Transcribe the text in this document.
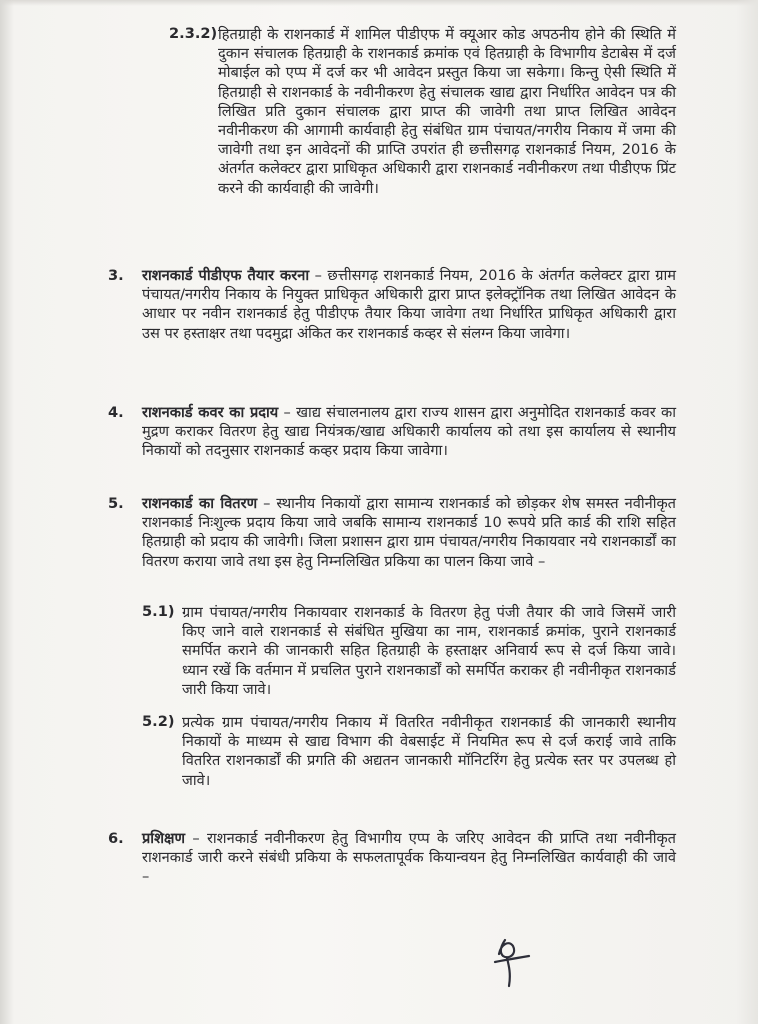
2.3.2) हितग्राही के राशनकार्ड में शामिल पीडीएफ में क्यूआर कोड अपठनीय होने की स्थिति में दुकान संचालक हितग्राही के राशनकार्ड क्रमांक एवं हितग्राही के विभागीय डेटाबेस में दर्ज मोबाईल को एप्प में दर्ज कर भी आवेदन प्रस्तुत किया जा सकेगा। किन्तु ऐसी स्थिति में हितग्राही से राशनकार्ड के नवीनीकरण हेतु संचालक खाद्य द्वारा निर्धारित आवेदन पत्र की लिखित प्रति दुकान संचालक द्वारा प्राप्त की जावेगी तथा प्राप्त लिखित आवेदन नवीनीकरण की आगामी कार्यवाही हेतु संबंधित ग्राम पंचायत/नगरीय निकाय में जमा की जावेगी तथा इन आवेदनों की प्राप्ति उपरांत ही छत्तीसगढ़ राशनकार्ड नियम, 2016 के अंतर्गत कलेक्टर द्वारा प्राधिकृत अधिकारी द्वारा राशनकार्ड नवीनीकरण तथा पीडीएफ प्रिंट करने की कार्यवाही की जावेगी।

3. राशनकार्ड पीडीएफ तैयार करना – छत्तीसगढ़ राशनकार्ड नियम, 2016 के अंतर्गत कलेक्टर द्वारा ग्राम पंचायत/नगरीय निकाय के नियुक्त प्राधिकृत अधिकारी द्वारा प्राप्त इलेक्ट्रॉनिक तथा लिखित आवेदन के आधार पर नवीन राशनकार्ड हेतु पीडीएफ तैयार किया जावेगा तथा निर्धारित प्राधिकृत अधिकारी द्वारा उस पर हस्ताक्षर तथा पदमुद्रा अंकित कर राशनकार्ड कव्हर से संलग्न किया जावेगा।

4. राशनकार्ड कवर का प्रदाय – खाद्य संचालनालय द्वारा राज्य शासन द्वारा अनुमोदित राशनकार्ड कवर का मुद्रण कराकर वितरण हेतु खाद्य नियंत्रक/खाद्य अधिकारी कार्यालय को तथा इस कार्यालय से स्थानीय निकायों को तदनुसार राशनकार्ड कव्हर प्रदाय किया जावेगा।

5. राशनकार्ड का वितरण – स्थानीय निकायों द्वारा सामान्य राशनकार्ड को छोड़कर शेष समस्त नवीनीकृत राशनकार्ड निःशुल्क प्रदाय किया जावे जबकि सामान्य राशनकार्ड 10 रूपये प्रति कार्ड की राशि सहित हितग्राही को प्रदाय की जावेगी। जिला प्रशासन द्वारा ग्राम पंचायत/नगरीय निकायवार नये राशनकार्डों का वितरण कराया जावे तथा इस हेतु निम्नलिखित प्रकिया का पालन किया जावे –

5.1) ग्राम पंचायत/नगरीय निकायवार राशनकार्ड के वितरण हेतु पंजी तैयार की जावे जिसमें जारी किए जाने वाले राशनकार्ड से संबंधित मुखिया का नाम, राशनकार्ड क्रमांक, पुराने राशनकार्ड समर्पित कराने की जानकारी सहित हितग्राही के हस्ताक्षर अनिवार्य रूप से दर्ज किया जावे। ध्यान रखें कि वर्तमान में प्रचलित पुराने राशनकार्डों को समर्पित कराकर ही नवीनीकृत राशनकार्ड जारी किया जावे।

5.2) प्रत्येक ग्राम पंचायत/नगरीय निकाय में वितरित नवीनीकृत राशनकार्ड की जानकारी स्थानीय निकायों के माध्यम से खाद्य विभाग की वेबसाईट में नियमित रूप से दर्ज कराई जावे ताकि वितरित राशनकार्डों की प्रगति की अद्यतन जानकारी मॉनिटरिंग हेतु प्रत्येक स्तर पर उपलब्ध हो जावे।

6. प्रशिक्षण – राशनकार्ड नवीनीकरण हेतु विभागीय एप्प के जरिए आवेदन की प्राप्ति तथा नवीनीकृत राशनकार्ड जारी करने संबंधी प्रकिया के सफलतापूर्वक कियान्वयन हेतु निम्नलिखित कार्यवाही की जावे –
